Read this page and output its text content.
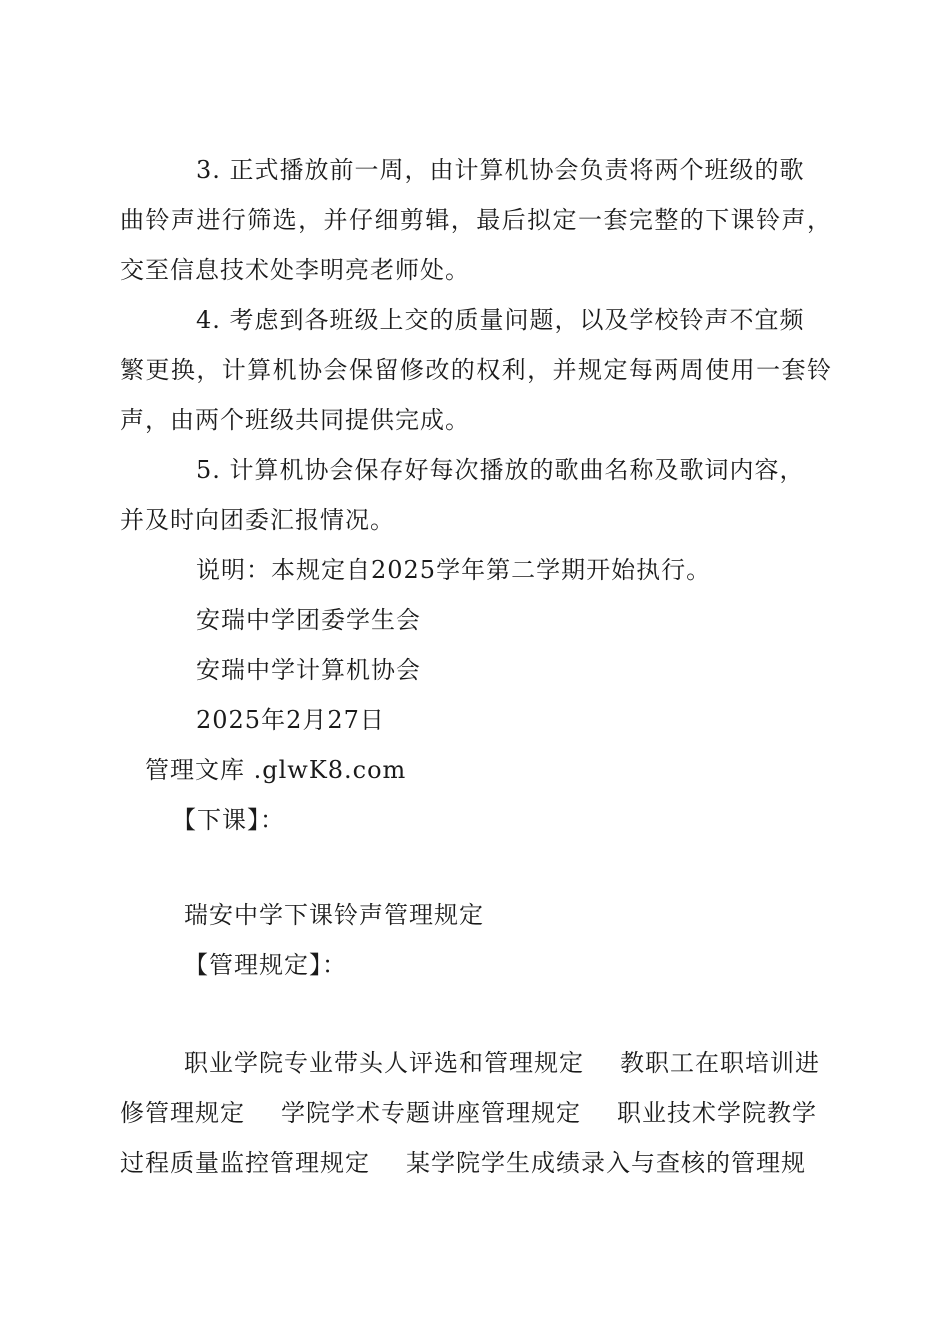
3. 正式播放前一周，由计算机协会负责将两个班级的歌
曲铃声进行筛选，并仔细剪辑，最后拟定一套完整的下课铃声，
交至信息技术处李明亮老师处。
4. 考虑到各班级上交的质量问题，以及学校铃声不宜频
繁更换，计算机协会保留修改的权利，并规定每两周使用一套铃
声，由两个班级共同提供完成。
5. 计算机协会保存好每次播放的歌曲名称及歌词内容，
并及时向团委汇报情况。
说明：本规定自2025学年第二学期开始执行。
安瑞中学团委学生会
安瑞中学计算机协会
2025年2月27日
管理文库 .glwK8.com
【下课】：
瑞安中学下课铃声管理规定
【管理规定】：
职业学院专业带头人评选和管理规定 教职工在职培训进
修管理规定 学院学术专题讲座管理规定 职业技术学院教学
过程质量监控管理规定 某学院学生成绩录入与查核的管理规
